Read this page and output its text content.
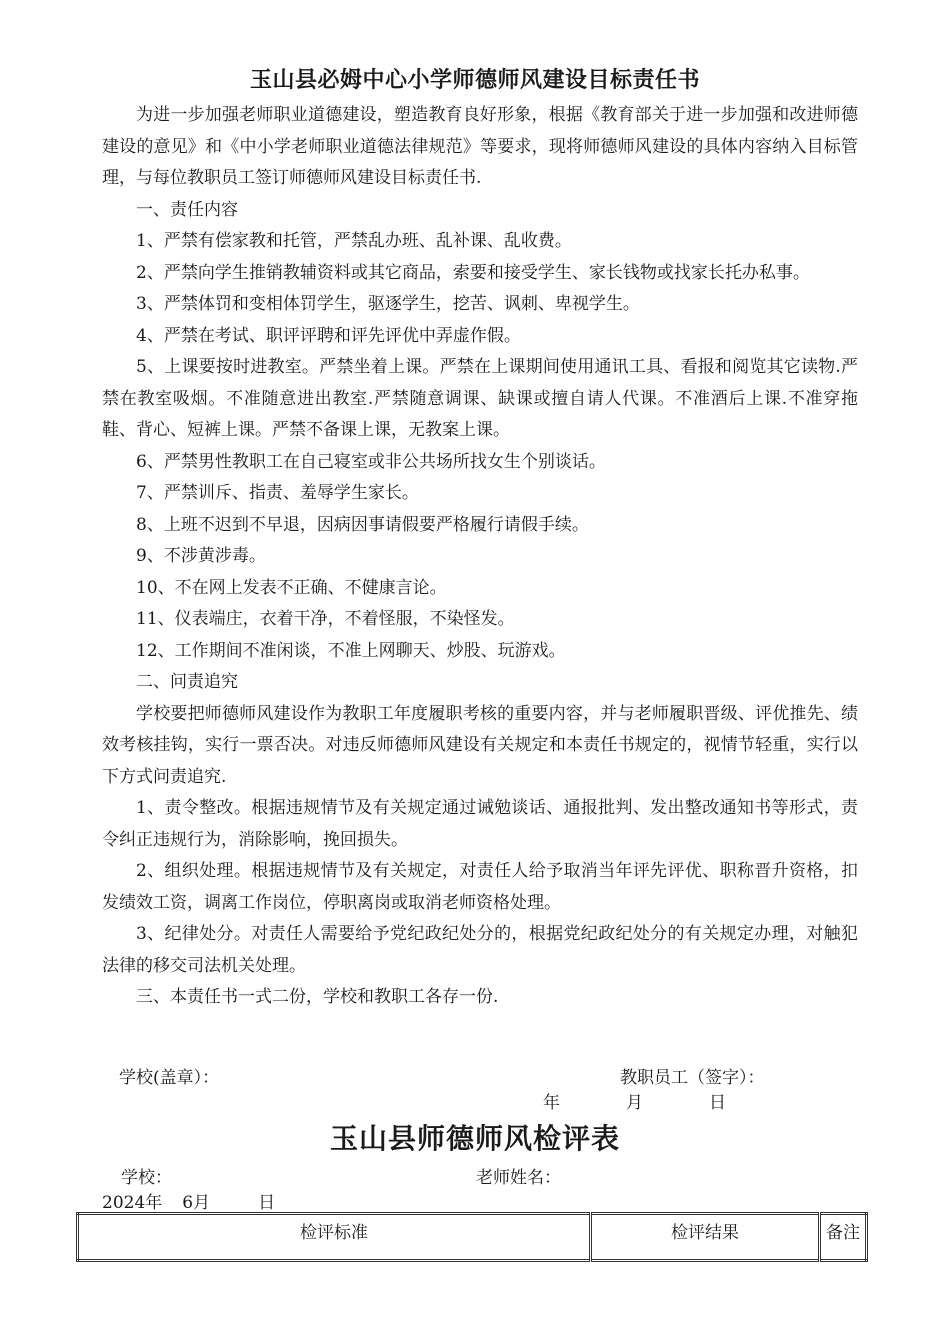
玉山县必姆中心小学师德师风建设目标责任书

为进一步加强老师职业道德建设，塑造教育良好形象，根据《教育部关于进一步加强和改进师德建设的意见》和《中小学老师职业道德法律规范》等要求，现将师德师风建设的具体内容纳入目标管理，与每位教职员工签订师德师风建设目标责任书.

一、责任内容

1、严禁有偿家教和托管，严禁乱办班、乱补课、乱收费。

2、严禁向学生推销教辅资料或其它商品，索要和接受学生、家长钱物或找家长托办私事。

3、严禁体罚和变相体罚学生，驱逐学生，挖苦、讽刺、卑视学生。

4、严禁在考试、职评评聘和评先评优中弄虚作假。

5、上课要按时进教室。严禁坐着上课。严禁在上课期间使用通讯工具、看报和阅览其它读物.严禁在教室吸烟。不准随意进出教室.严禁随意调课、缺课或擅自请人代课。不准酒后上课.不准穿拖鞋、背心、短裤上课。严禁不备课上课，无教案上课。

6、严禁男性教职工在自己寝室或非公共场所找女生个别谈话。

7、严禁训斥、指责、羞辱学生家长。

8、上班不迟到不早退，因病因事请假要严格履行请假手续。

9、不涉黄涉毒。

10、不在网上发表不正确、不健康言论。

11、仪表端庄，衣着干净，不着怪服，不染怪发。

12、工作期间不准闲谈，不准上网聊天、炒股、玩游戏。

二、问责追究

学校要把师德师风建设作为教职工年度履职考核的重要内容，并与老师履职晋级、评优推先、绩效考核挂钩，实行一票否决。对违反师德师风建设有关规定和本责任书规定的，视情节轻重，实行以下方式问责追究.

1、责令整改。根据违规情节及有关规定通过诫勉谈话、通报批判、发出整改通知书等形式，责令纠正违规行为，消除影响，挽回损失。

2、组织处理。根据违规情节及有关规定，对责任人给予取消当年评先评优、职称晋升资格，扣发绩效工资，调离工作岗位，停职离岗或取消老师资格处理。

3、纪律处分。对责任人需要给予党纪政纪处分的，根据党纪政纪处分的有关规定办理，对触犯法律的移交司法机关处理。

三、本责任书一式二份，学校和教职工各存一份.

学校(盖章）：	教职员工（签字）：
年	月	日
玉山县师德师风检评表
学校：	老师姓名：
2024年 6月	日
检评标准	检评结果	备注
